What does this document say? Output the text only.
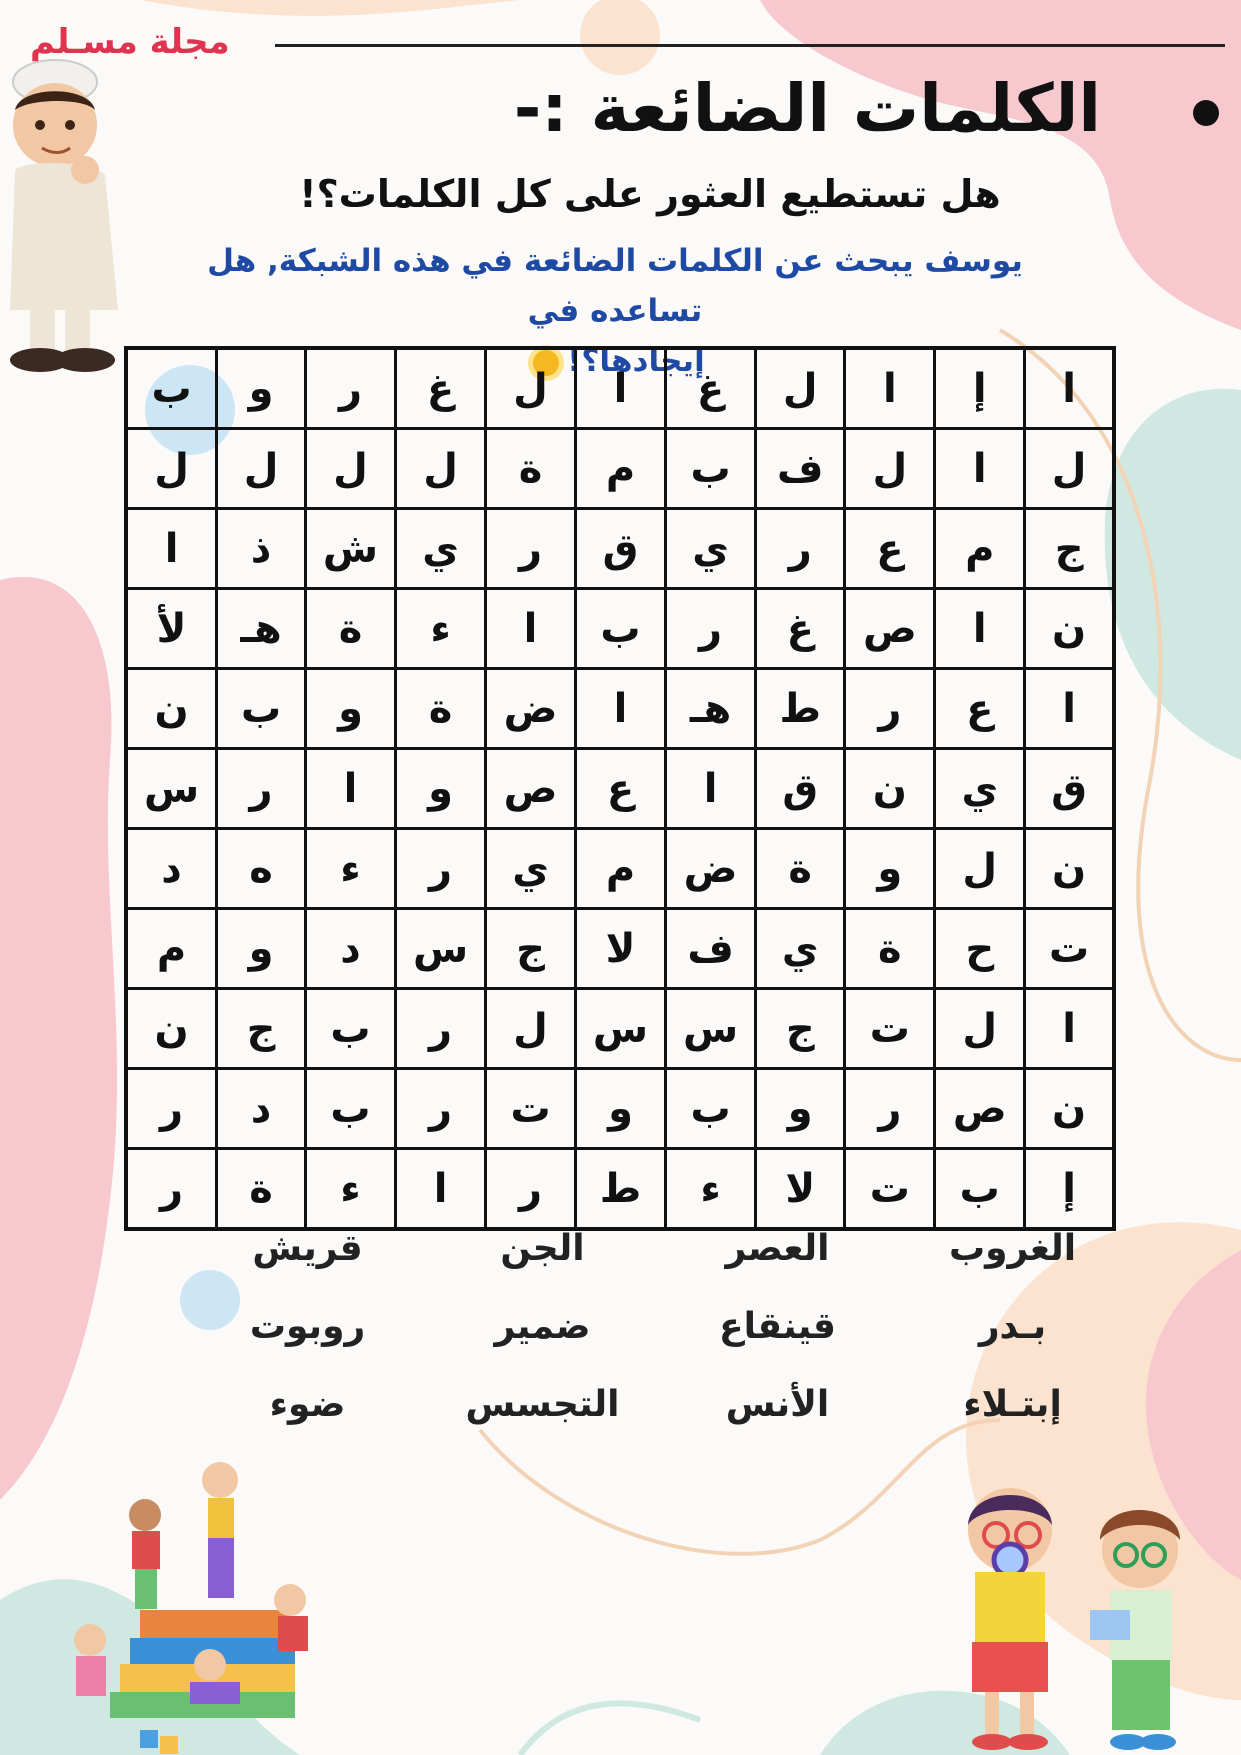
مجلة مسـلم
الكلمات الضائعة :-
هل تستطيع العثور على كل الكلمات؟!
يوسف يبحث عن الكلمات الضائعة في هذه الشبكة, هل تساعده في
إيجادها؟!
ا	إ	ا	ل	غ	ا	ل	غ	ر	و	ب
ل	ا	ل	ف	ب	م	ة	ل	ل	ل	ل
ج	م	ع	ر	ي	ق	ر	ي	ش	ذ	ا
ن	ا	ص	غ	ر	ب	ا	ء	ة	هـ	لأ
ا	ع	ر	ط	هـ	ا	ض	ة	و	ب	ن
ق	ي	ن	ق	ا	ع	ص	و	ا	ر	س
ن	ل	و	ة	ض	م	ي	ر	ء	ه	د
ت	ح	ة	ي	ف	لا	ج	س	د	و	م
ا	ل	ت	ج	س	س	ل	ر	ب	ج	ن
ن	ص	ر	و	ب	و	ت	ر	ب	د	ر
إ	ب	ت	لا	ء	ط	ر	ا	ء	ة	ر
الغروب
العصر
الجن
قريش
بـدر
قينقاع
ضمير
روبوت
إبتـلاء
الأنس
التجسس
ضوء
